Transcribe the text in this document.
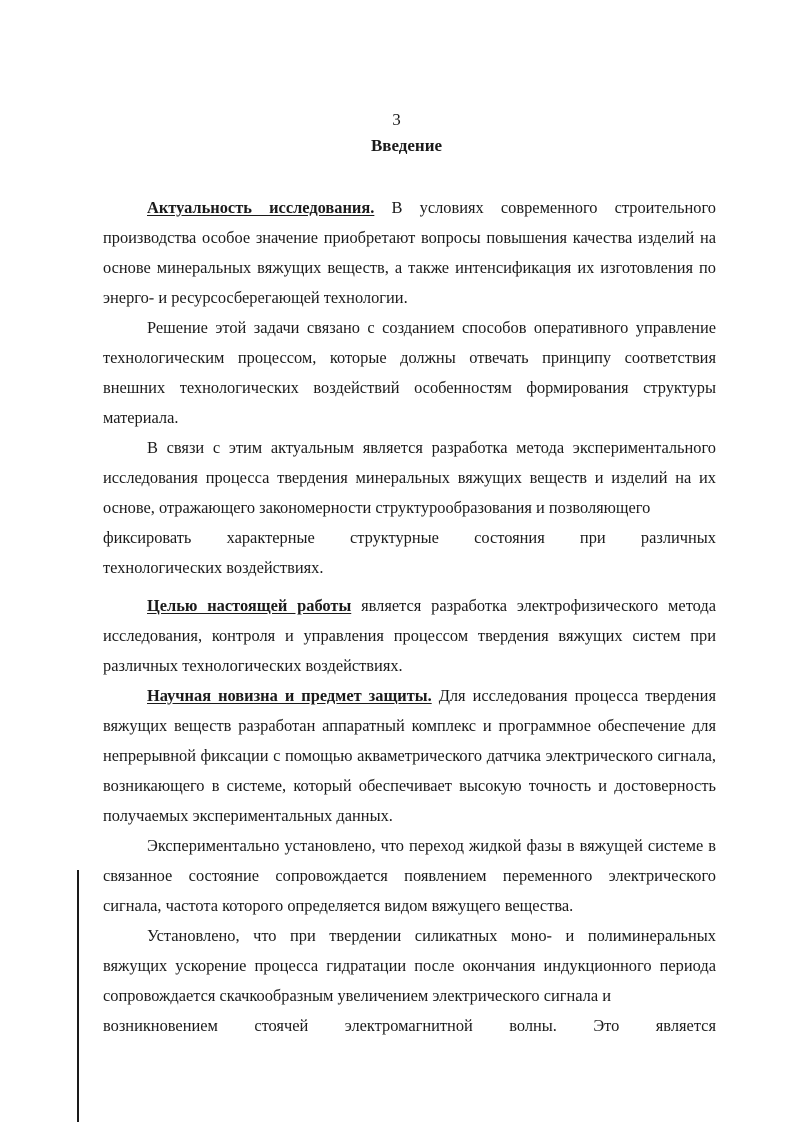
3
Введение

Актуальность исследования. В условиях современного строительного производства особое значение приобретают вопросы повышения качества изделий на основе минеральных вяжущих веществ, а также интенсификация их изготовления по энерго- и ресурсосберегающей технологии.

Решение этой задачи связано с созданием способов оперативного управление технологическим процессом, которые должны отвечать принципу соответствия внешних технологических воздействий особенностям формирования структуры материала.

В связи с этим актуальным является разработка метода экспериментального исследования процесса твердения минеральных вяжущих веществ и изделий на их основе, отражающего закономерности структурообразования и позволяющего
фиксировать характерные структурные состояния при различных
технологических воздействиях.

Целью настоящей работы является разработка электрофизического метода исследования, контроля и управления процессом твердения вяжущих систем при различных технологических воздействиях.

Научная новизна и предмет защиты. Для исследования процесса твердения вяжущих веществ разработан аппаратный комплекс и программное обеспечение для непрерывной фиксации с помощью акваметрического датчика электрического сигнала, возникающего в системе, который обеспечивает высокую точность и достоверность получаемых экспериментальных данных.

Экспериментально установлено, что переход жидкой фазы в вяжущей системе в связанное состояние сопровождается появлением переменного электрического сигнала, частота которого определяется видом вяжущего вещества.

Установлено, что при твердении силикатных моно- и полиминеральных вяжущих ускорение процесса гидратации после окончания индукционного периода сопровождается скачкообразным увеличением электрического сигнала и
возникновением стоячей электромагнитной волны. Это является
